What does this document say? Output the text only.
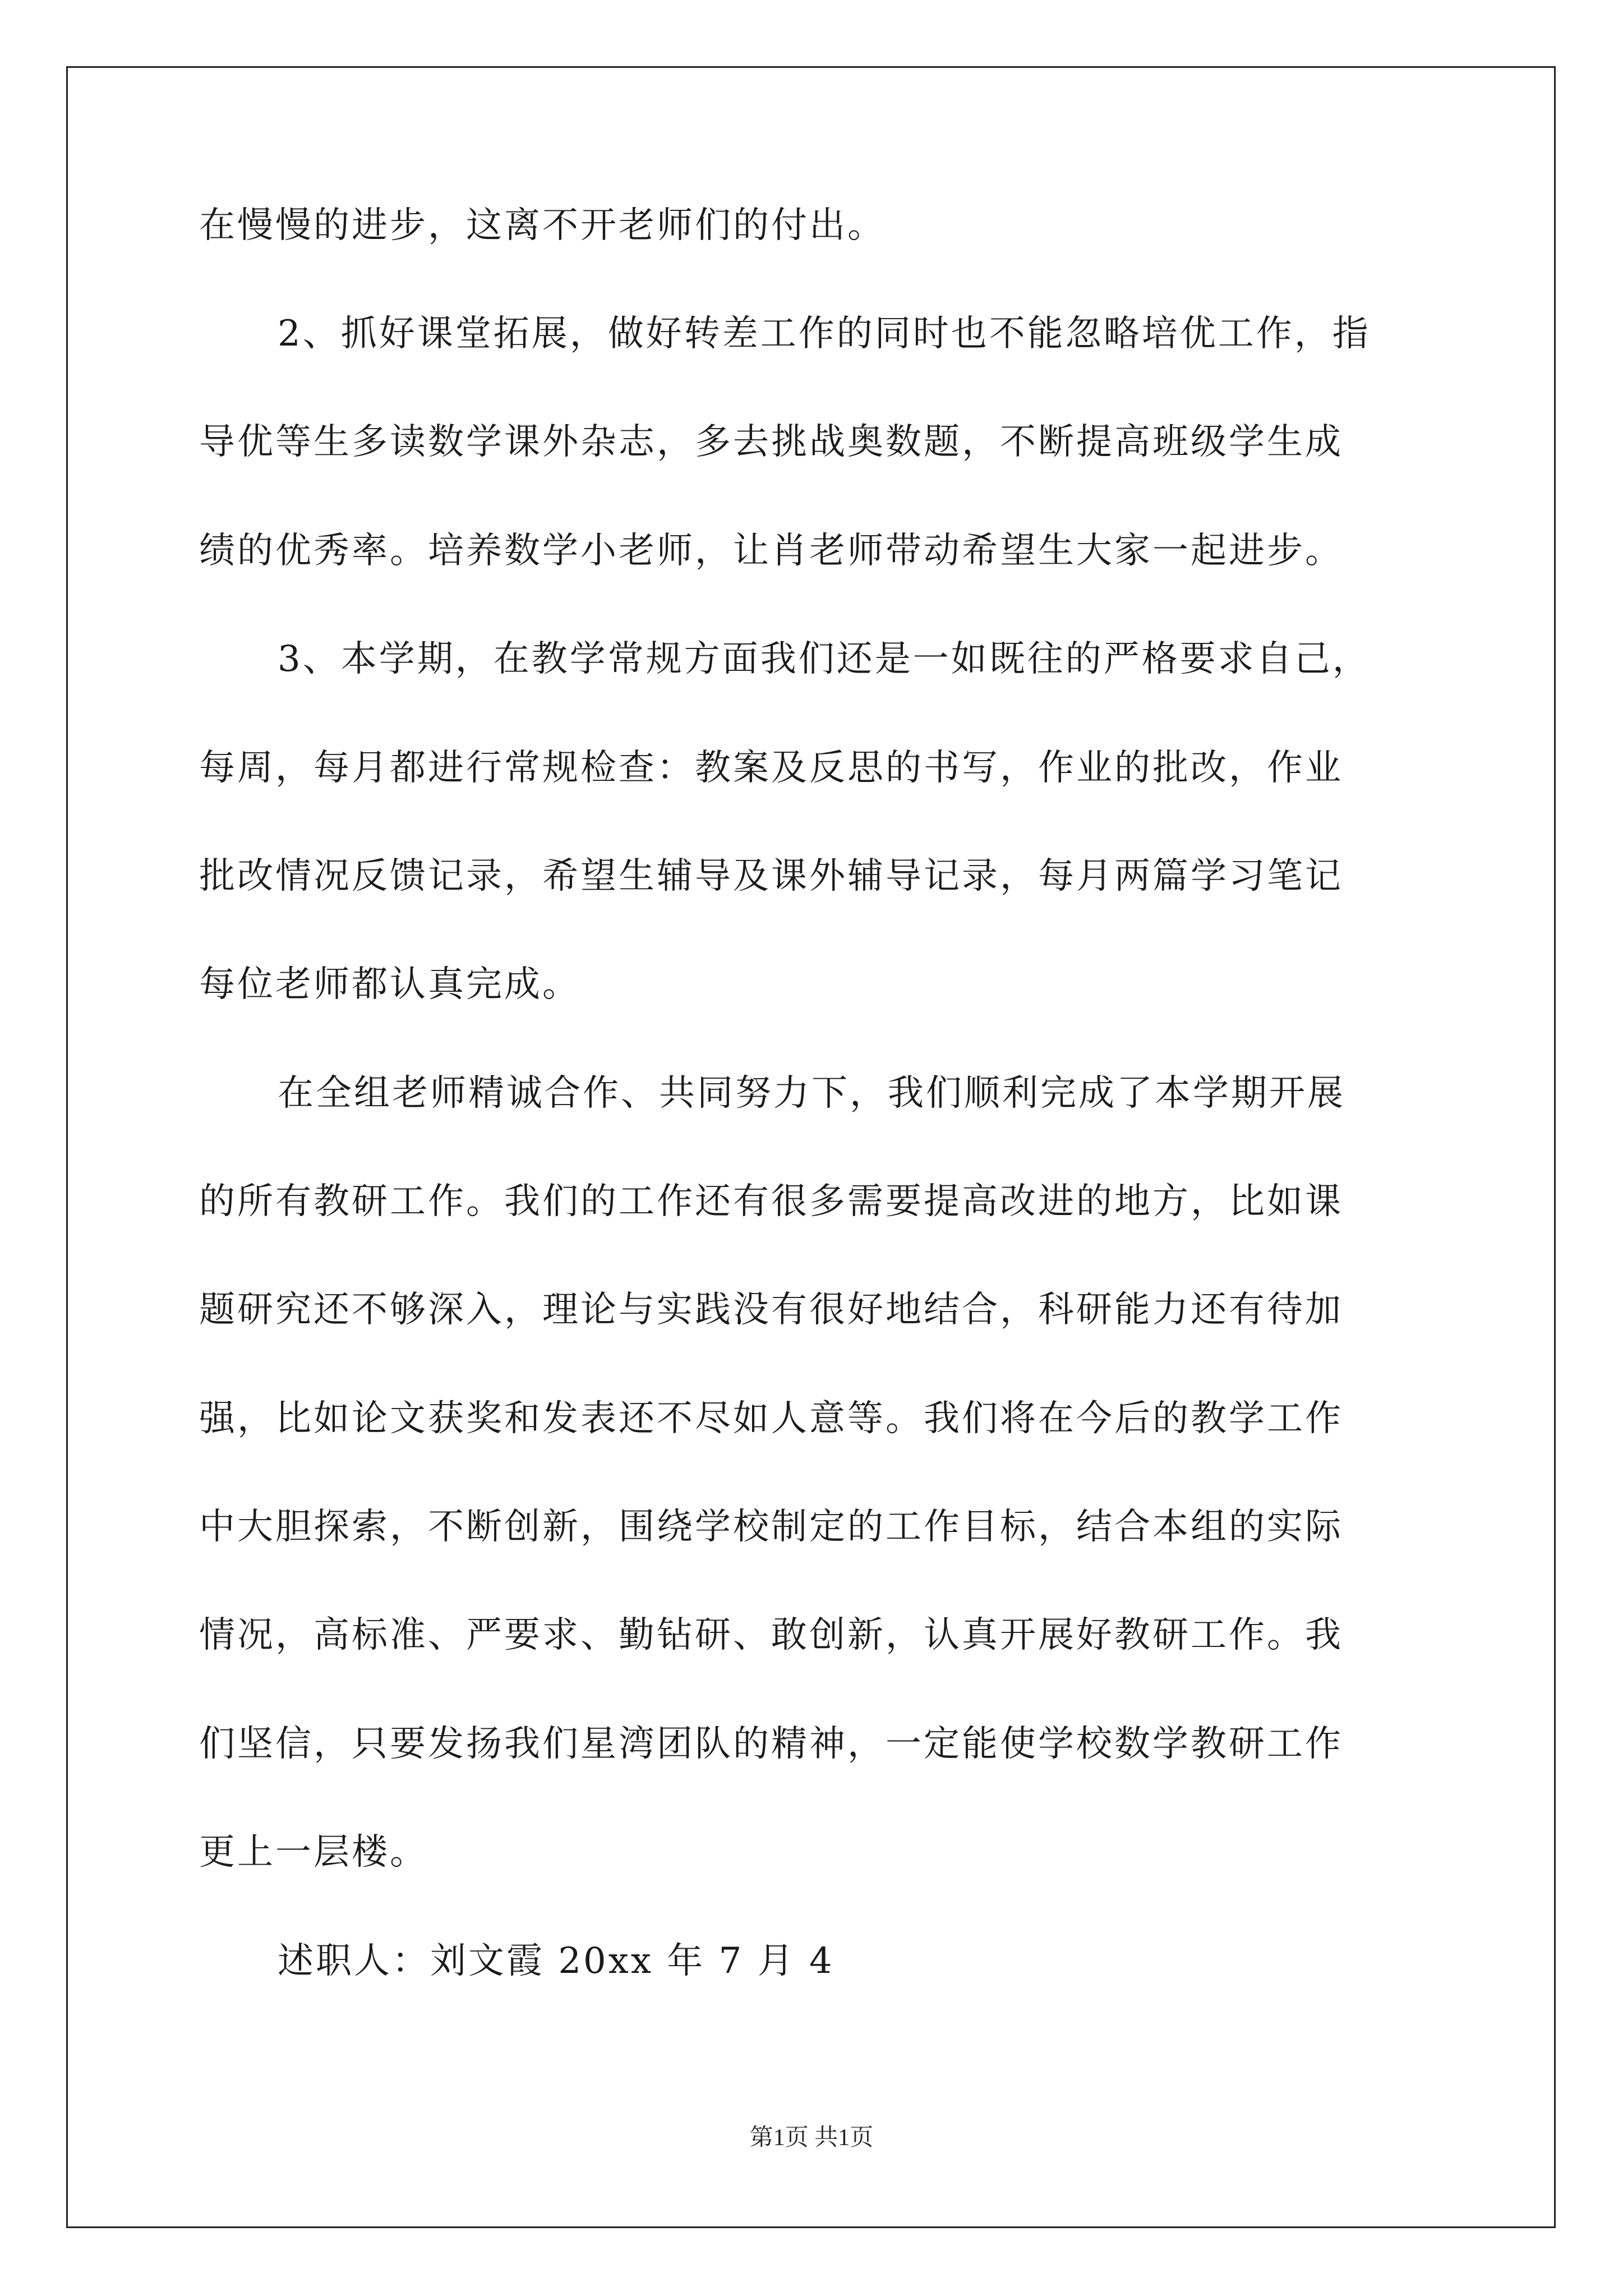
在慢慢的进步，这离不开老师们的付出。
2、抓好课堂拓展，做好转差工作的同时也不能忽略培优工作，指
导优等生多读数学课外杂志，多去挑战奥数题，不断提高班级学生成
绩的优秀率。培养数学小老师，让肖老师带动希望生大家一起进步。
3、本学期，在教学常规方面我们还是一如既往的严格要求自己，
每周，每月都进行常规检查：教案及反思的书写，作业的批改，作业
批改情况反馈记录，希望生辅导及课外辅导记录，每月两篇学习笔记
每位老师都认真完成。
在全组老师精诚合作、共同努力下，我们顺利完成了本学期开展
的所有教研工作。我们的工作还有很多需要提高改进的地方，比如课
题研究还不够深入，理论与实践没有很好地结合，科研能力还有待加
强，比如论文获奖和发表还不尽如人意等。我们将在今后的教学工作
中大胆探索，不断创新，围绕学校制定的工作目标，结合本组的实际
情况，高标准、严要求、勤钻研、敢创新，认真开展好教研工作。我
们坚信，只要发扬我们星湾团队的精神，一定能使学校数学教研工作
更上一层楼。
述职人：刘文霞 20xx 年 7 月 4
第1页 共1页
